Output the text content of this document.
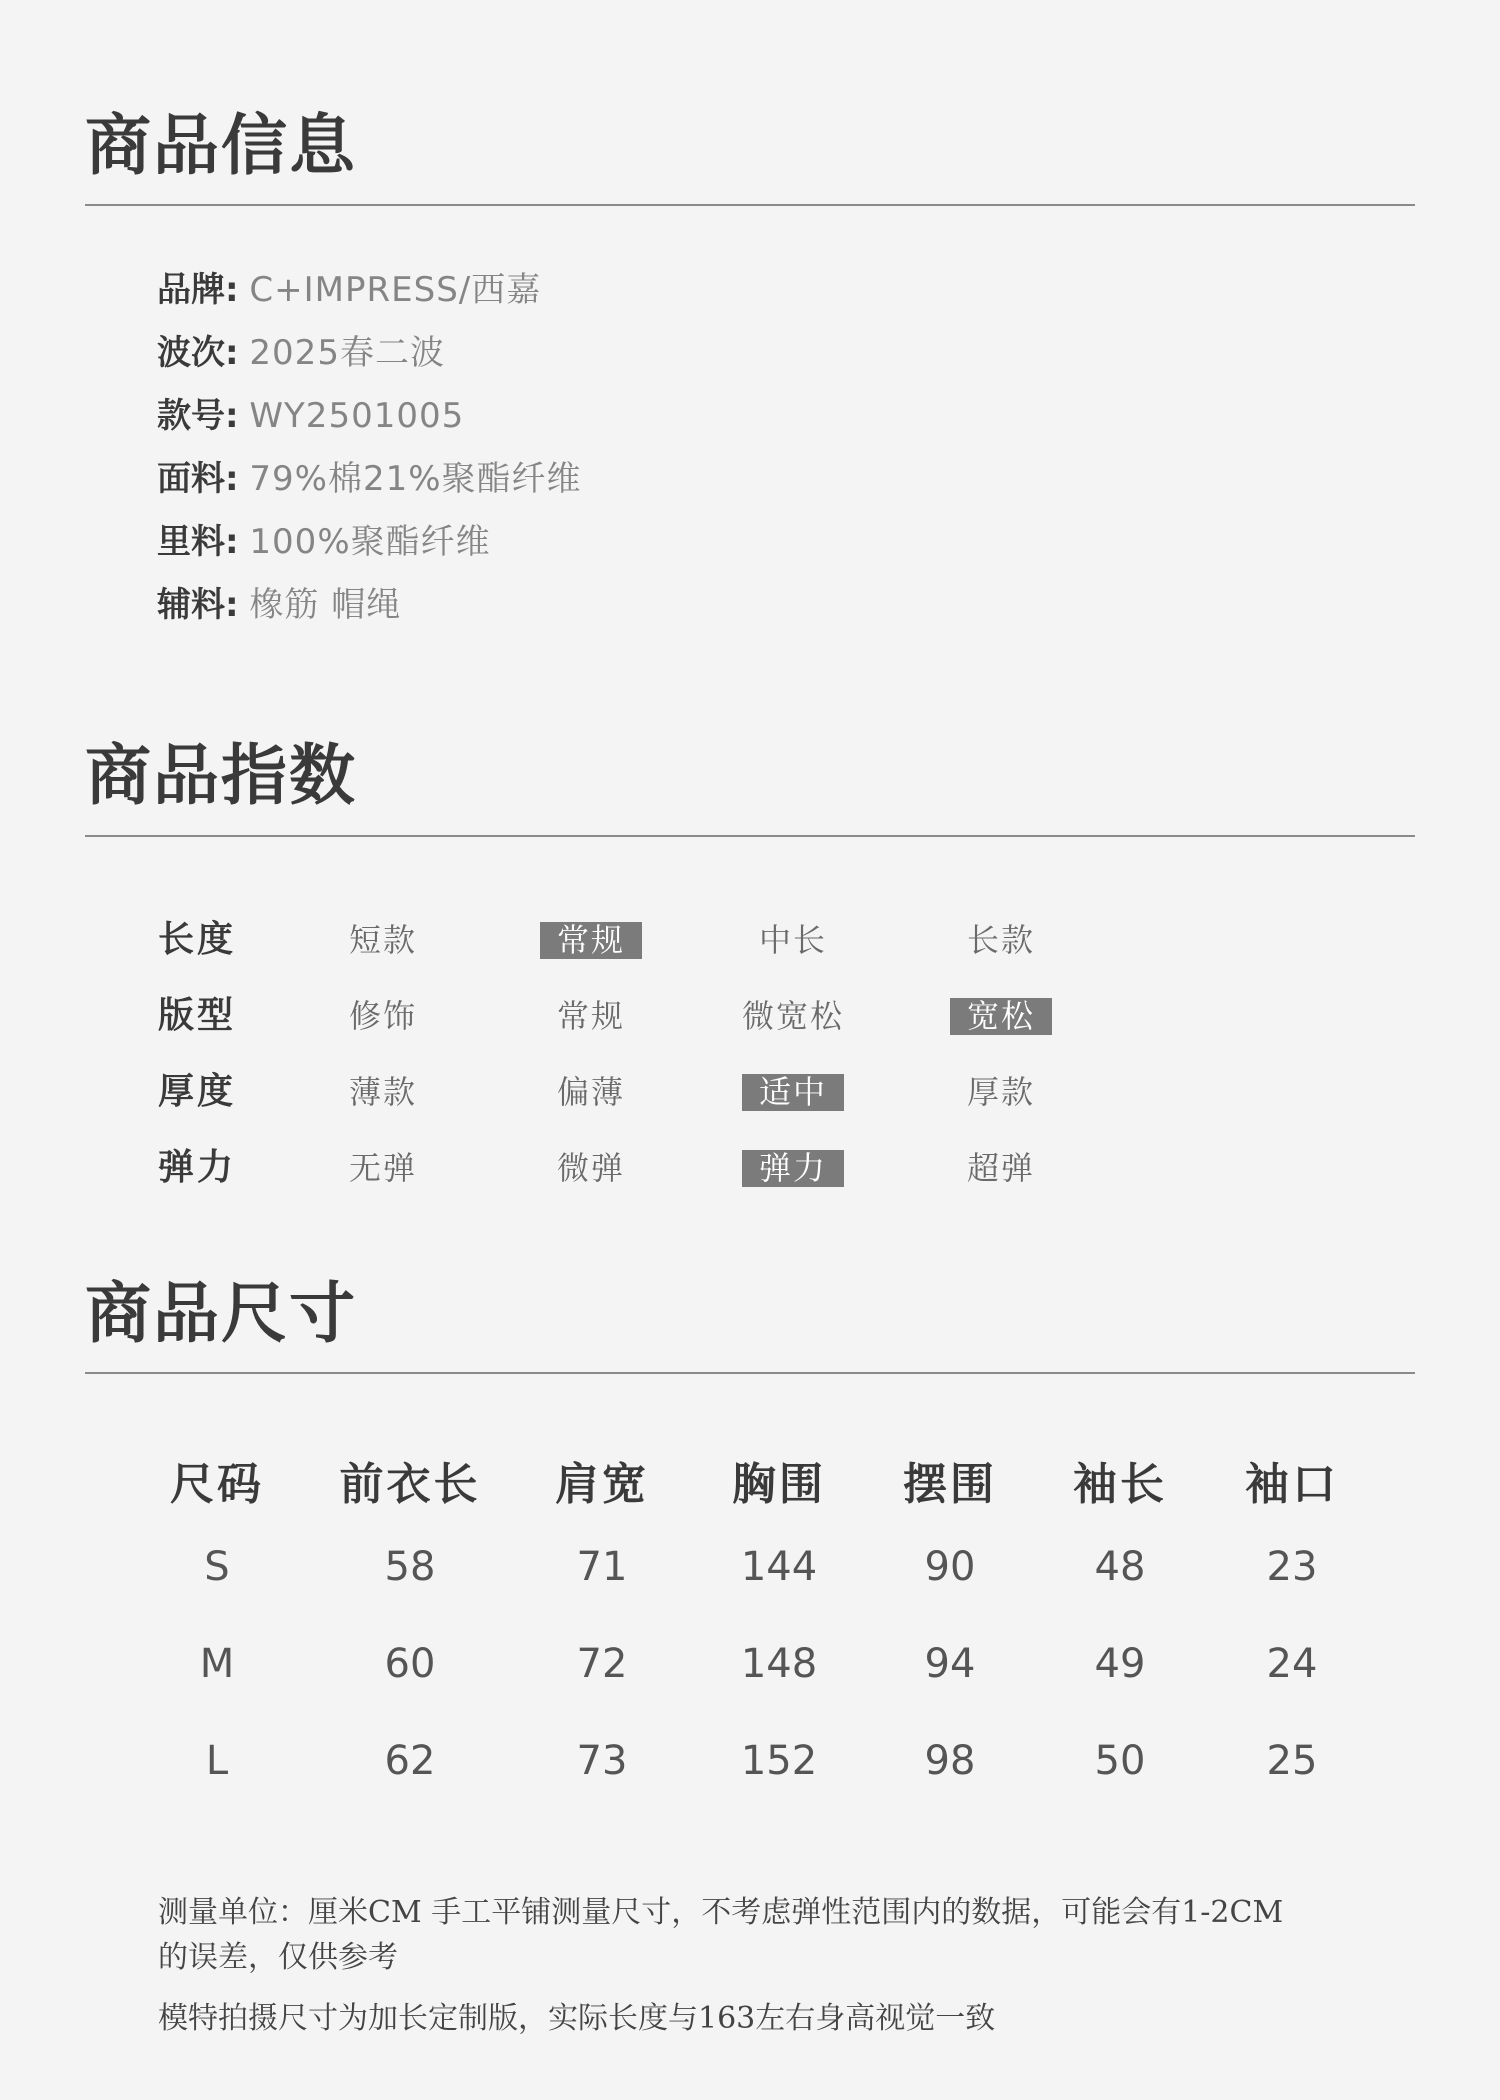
商品信息
品牌: C+IMPRESS/西嘉
波次: 2025春二波
款号: WY2501005
面料: 79%棉21%聚酯纤维
里料: 100%聚酯纤维
辅料: 橡筋 帽绳
商品指数
长度	短款	常规	中长	长款
版型	修饰	常规	微宽松	宽松
厚度	薄款	偏薄	适中	厚款
弹力	无弹	微弹	弹力	超弹
商品尺寸
尺码	前衣长	肩宽	胸围	摆围	袖长	袖口
S	58	71	144	90	48	23
M	60	72	148	94	49	24
L	62	73	152	98	50	25
测量单位：厘米CM 手工平铺测量尺寸，不考虑弹性范围内的数据，可能会有1-2CM的误差，仅供参考
模特拍摄尺寸为加长定制版，实际长度与163左右身高视觉一致
